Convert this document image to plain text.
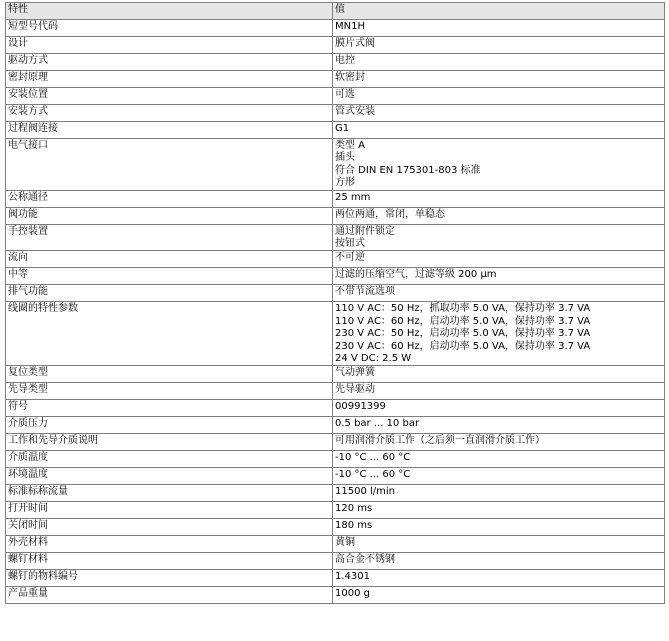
特性	值
短型号代码	MN1H

设计	膜片式阀

驱动方式	电控

密封原理	软密封

安装位置	可选

安装方式	管式安装

过程阀连接	G1

电气接口	类型 A
插头
符合 DIN EN 175301-803 标准
方形

公称通径	25 mm

阀功能	两位两通，常闭，单稳态

手控装置	通过附件锁定
按钮式

流向	不可逆

中等	过滤的压缩空气，过滤等级 200 µm

排气功能	不带节流选项

线圈的特性参数	110 V AC：50 Hz，抓取功率 5.0 VA，保持功率 3.7 VA
110 V AC：60 Hz，启动功率 5.0 VA，保持功率 3.7 VA
230 V AC：50 Hz，启动功率 5.0 VA，保持功率 3.7 VA
230 V AC：60 Hz，启动功率 5.0 VA，保持功率 3.7 VA
24 V DC: 2.5 W

复位类型	气动弹簧

先导类型	先导驱动

符号	00991399

介质压力	0.5 bar ... 10 bar

工作和先导介质说明	可用润滑介质工作（之后须一直润滑介质工作）

介质温度	-10 °C ... 60 °C

环境温度	-10 °C ... 60 °C

标准标称流量	11500 l/min

打开时间	120 ms

关闭时间	180 ms

外壳材料	黄铜

螺钉材料	高合金不锈钢

螺钉的物料编号	1.4301

产品重量	1000 g
